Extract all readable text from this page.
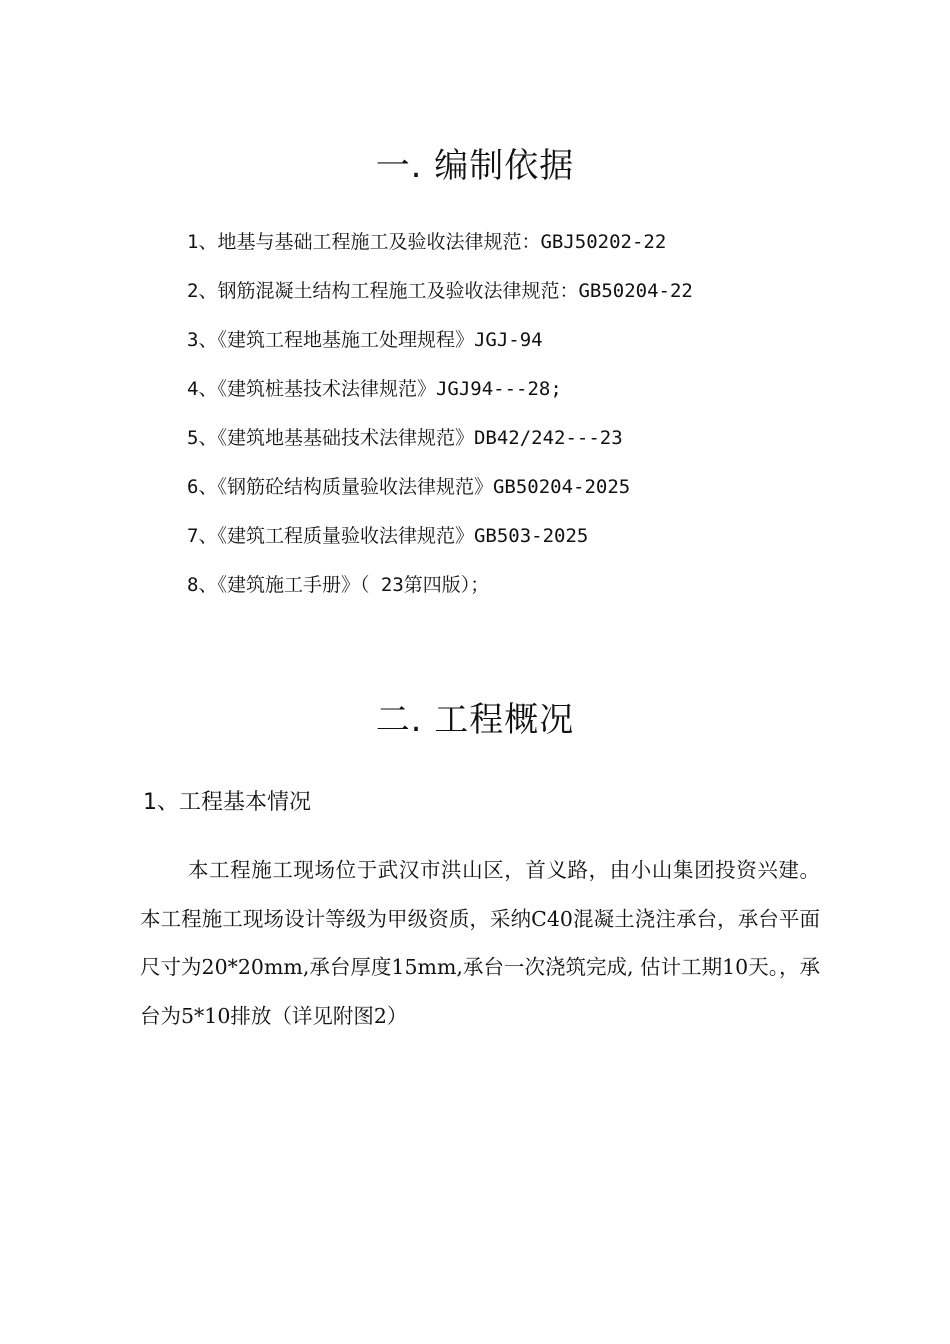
一. 编制依据
1、地基与基础工程施工及验收法律规范：GBJ50202-22
2、钢筋混凝土结构工程施工及验收法律规范：GB50204-22
3、《建筑工程地基施工处理规程》JGJ-94
4、《建筑桩基技术法律规范》JGJ94---28;
5、《建筑地基基础技术法律规范》DB42/242---23
6、《钢筋砼结构质量验收法律规范》GB50204-2025
7、《建筑工程质量验收法律规范》GB503-2025
8、《建筑施工手册》（ 23第四版）；
二. 工程概况
1、工程基本情况

本工程施工现场位于武汉市洪山区，首义路，由小山集团投资兴建。本工程施工现场设计等级为甲级资质，采纳C40混凝土浇注承台，承台平面尺寸为20*20mm,承台厚度15mm,承台一次浇筑完成, 估计工期10天。，承台为5*10排放（详见附图2）
